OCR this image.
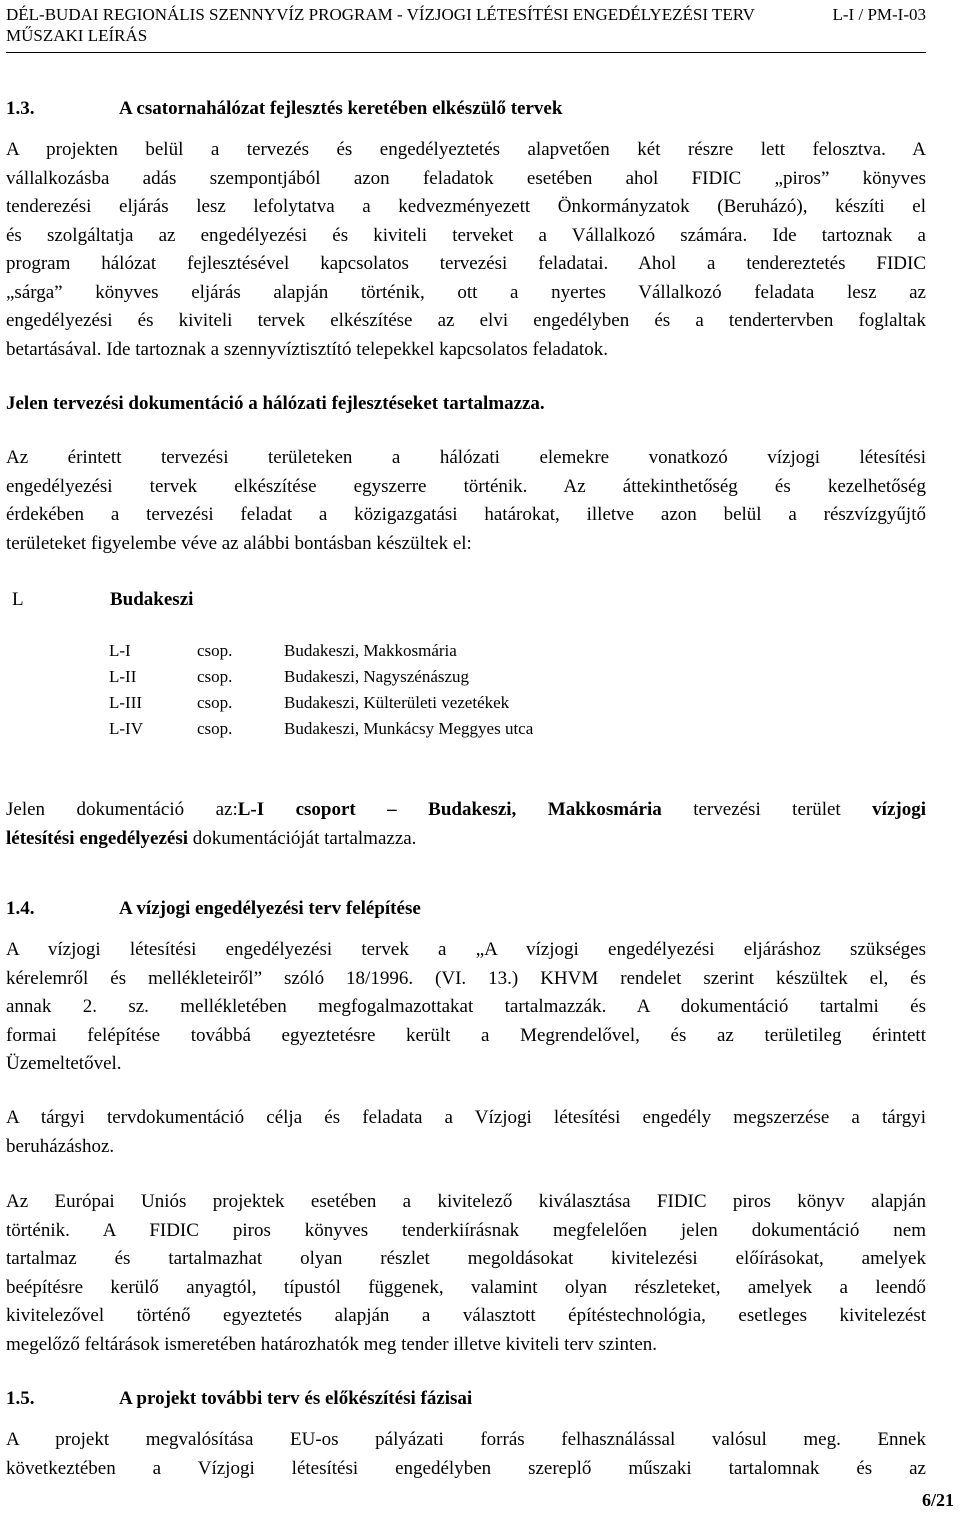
DÉL-BUDAI REGIONÁLIS SZENNYVÍZ PROGRAM - VÍZJOGI LÉTESÍTÉSI ENGEDÉLYEZÉSI TERV	L-I / PM-I-03
MŰSZAKI LEÍRÁS
1.3.	A csatornahálózat fejlesztés keretében elkészülő tervek
A projekten belül a tervezés és engedélyeztetés alapvetően két részre lett felosztva. A
vállalkozásba adás szempontjából azon feladatok esetében ahol FIDIC „piros” könyves
tenderezési eljárás lesz lefolytatva a kedvezményezett Önkormányzatok (Beruházó), készíti el
és szolgáltatja az engedélyezési és kiviteli terveket a Vállalkozó számára. Ide tartoznak a
program hálózat fejlesztésével kapcsolatos tervezési feladatai. Ahol a tendereztetés FIDIC
„sárga” könyves eljárás alapján történik, ott a nyertes Vállalkozó feladata lesz az
engedélyezési és kiviteli tervek elkészítése az elvi engedélyben és a tendertervben foglaltak
betartásával. Ide tartoznak a szennyvíztisztító telepekkel kapcsolatos feladatok.
Jelen tervezési dokumentáció a hálózati fejlesztéseket tartalmazza.
Az érintett tervezési területeken a hálózati elemekre vonatkozó vízjogi létesítési
engedélyezési tervek elkészítése egyszerre történik. Az áttekinthetőség és kezelhetőség
érdekében a tervezési feladat a közigazgatási határokat, illetve azon belül a részvízgyűjtő
területeket figyelembe véve az alábbi bontásban készültek el:
L	Budakeszi
L-I	csop.	Budakeszi, Makkosmária
L-II	csop.	Budakeszi, Nagyszénászug
L-III	csop.	Budakeszi, Külterületi vezetékek
L-IV	csop.	Budakeszi, Munkácsy Meggyes utca
Jelen dokumentáció az:L-I csoport – Budakeszi, Makkosmária tervezési terület vízjogi
létesítési engedélyezési dokumentációját tartalmazza.
1.4.	A vízjogi engedélyezési terv felépítése
A vízjogi létesítési engedélyezési tervek a „A vízjogi engedélyezési eljáráshoz szükséges
kérelemről és mellékleteiről” szóló 18/1996. (VI. 13.) KHVM rendelet szerint készültek el, és
annak 2. sz. mellékletében megfogalmazottakat tartalmazzák. A dokumentáció tartalmi és
formai felépítése továbbá egyeztetésre került a Megrendelővel, és az területileg érintett
Üzemeltetővel.
A tárgyi tervdokumentáció célja és feladata a Vízjogi létesítési engedély megszerzése a tárgyi
beruházáshoz.
Az Európai Uniós projektek esetében a kivitelező kiválasztása FIDIC piros könyv alapján
történik. A FIDIC piros könyves tenderkiírásnak megfelelően jelen dokumentáció nem
tartalmaz és tartalmazhat olyan részlet megoldásokat kivitelezési előírásokat, amelyek
beépítésre kerülő anyagtól, típustól függenek, valamint olyan részleteket, amelyek a leendő
kivitelezővel történő egyeztetés alapján a választott építéstechnológia, esetleges kivitelezést
megelőző feltárások ismeretében határozhatók meg tender illetve kiviteli terv szinten.
1.5.	A projekt további terv és előkészítési fázisai
A projekt megvalósítása EU-os pályázati forrás felhasználással valósul meg. Ennek
következtében a Vízjogi létesítési engedélyben szereplő műszaki tartalomnak és az
6/21
